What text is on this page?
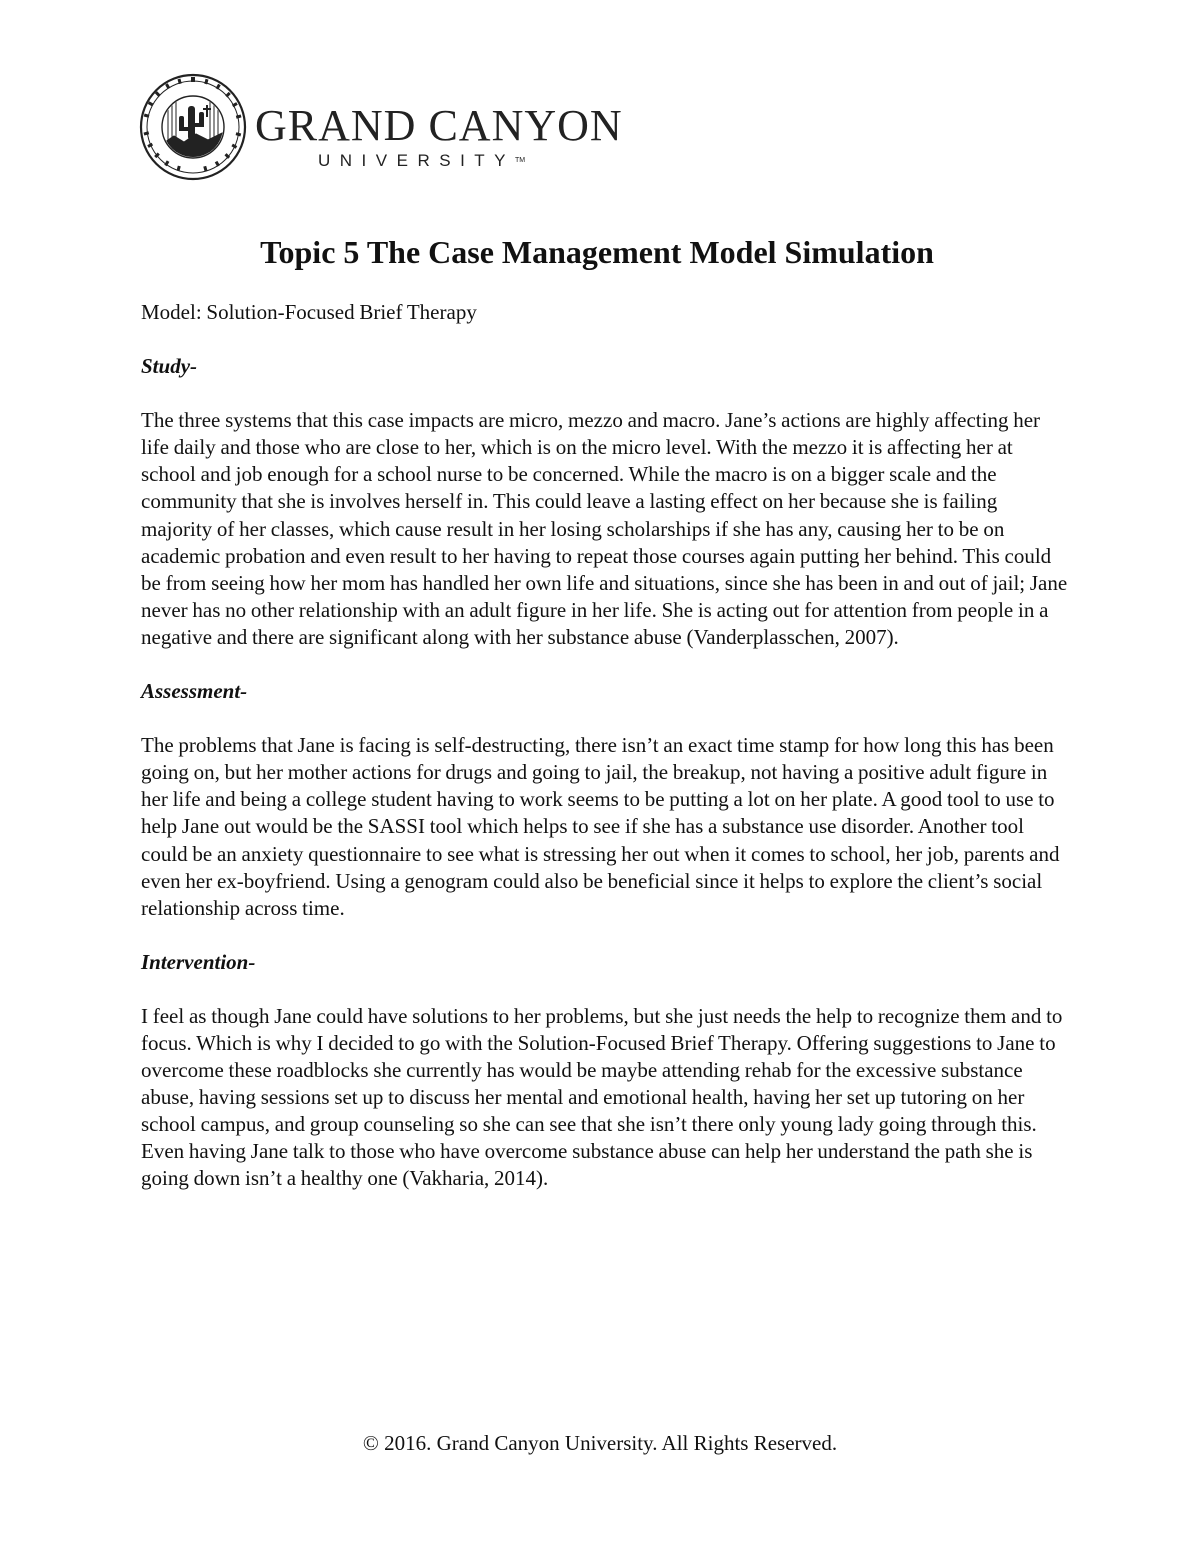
GRAND CANYON
UNIVERSITY™
Topic 5 The Case Management Model Simulation

Model: Solution-Focused Brief Therapy

Study-

The three systems that this case impacts are micro, mezzo and macro. Jane’s actions are highly affecting her life daily and those who are close to her, which is on the micro level. With the mezzo it is affecting her at school and job enough for a school nurse to be concerned. While the macro is on a bigger scale and the community that she is involves herself in. This could leave a lasting effect on her because she is failing majority of her classes, which cause result in her losing scholarships if she has any, causing her to be on academic probation and even result to her having to repeat those courses again putting her behind. This could be from seeing how her mom has handled her own life and situations, since she has been in and out of jail; Jane never has no other relationship with an adult figure in her life. She is acting out for attention from people in a negative and there are significant along with her substance abuse (Vanderplasschen, 2007).

Assessment-

The problems that Jane is facing is self-destructing, there isn’t an exact time stamp for how long this has been going on, but her mother actions for drugs and going to jail, the breakup, not having a positive adult figure in her life and being a college student having to work seems to be putting a lot on her plate. A good tool to use to help Jane out would be the SASSI tool which helps to see if she has a substance use disorder. Another tool could be an anxiety questionnaire to see what is stressing her out when it comes to school, her job, parents and even her ex-boyfriend. Using a genogram could also be beneficial since it helps to explore the client’s social relationship across time.

Intervention-

I feel as though Jane could have solutions to her problems, but she just needs the help to recognize them and to focus. Which is why I decided to go with the Solution-Focused Brief Therapy. Offering suggestions to Jane to overcome these roadblocks she currently has would be maybe attending rehab for the excessive substance abuse, having sessions set up to discuss her mental and emotional health, having her set up tutoring on her school campus, and group counseling so she can see that she isn’t there only young lady going through this. Even having Jane talk to those who have overcome substance abuse can help her understand the path she is going down isn’t a healthy one (Vakharia, 2014).

© 2016. Grand Canyon University. All Rights Reserved.
